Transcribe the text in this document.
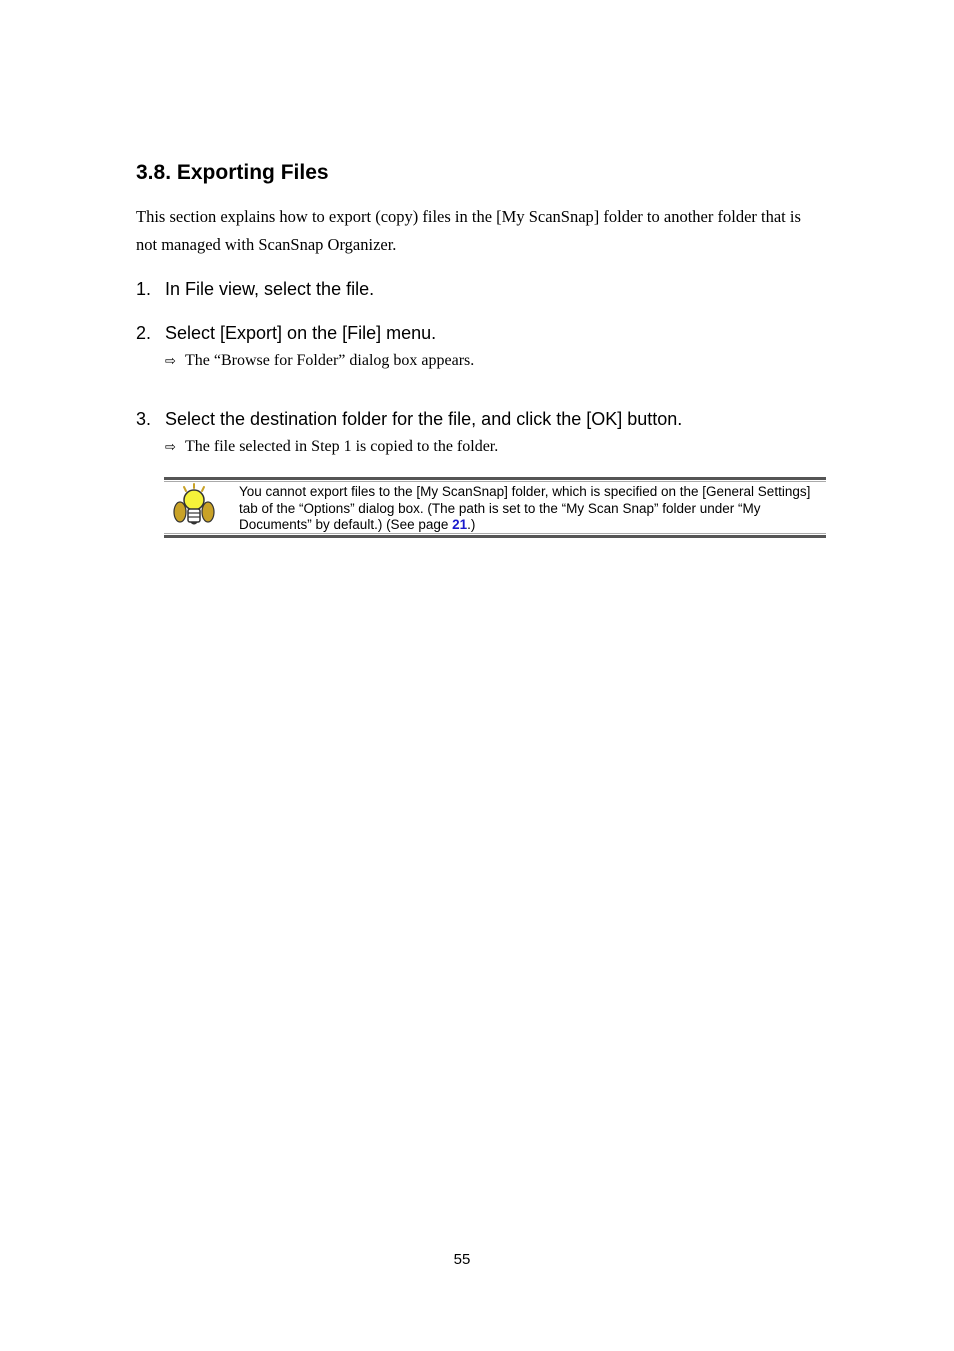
3.8. Exporting Files

This section explains how to export (copy) files in the [My ScanSnap] folder to another folder that is not managed with ScanSnap Organizer.

1. In File view, select the file.

2. Select [Export] on the [File] menu.

⇨ The “Browse for Folder” dialog box appears.

3. Select the destination folder for the file, and click the [OK] button.

⇨ The file selected in Step 1 is copied to the folder.

You cannot export files to the [My ScanSnap] folder, which is specified on the [General Settings] tab of the “Options” dialog box. (The path is set to the “My Scan Snap” folder under “My Documents” by default.) (See page 21.)

55
